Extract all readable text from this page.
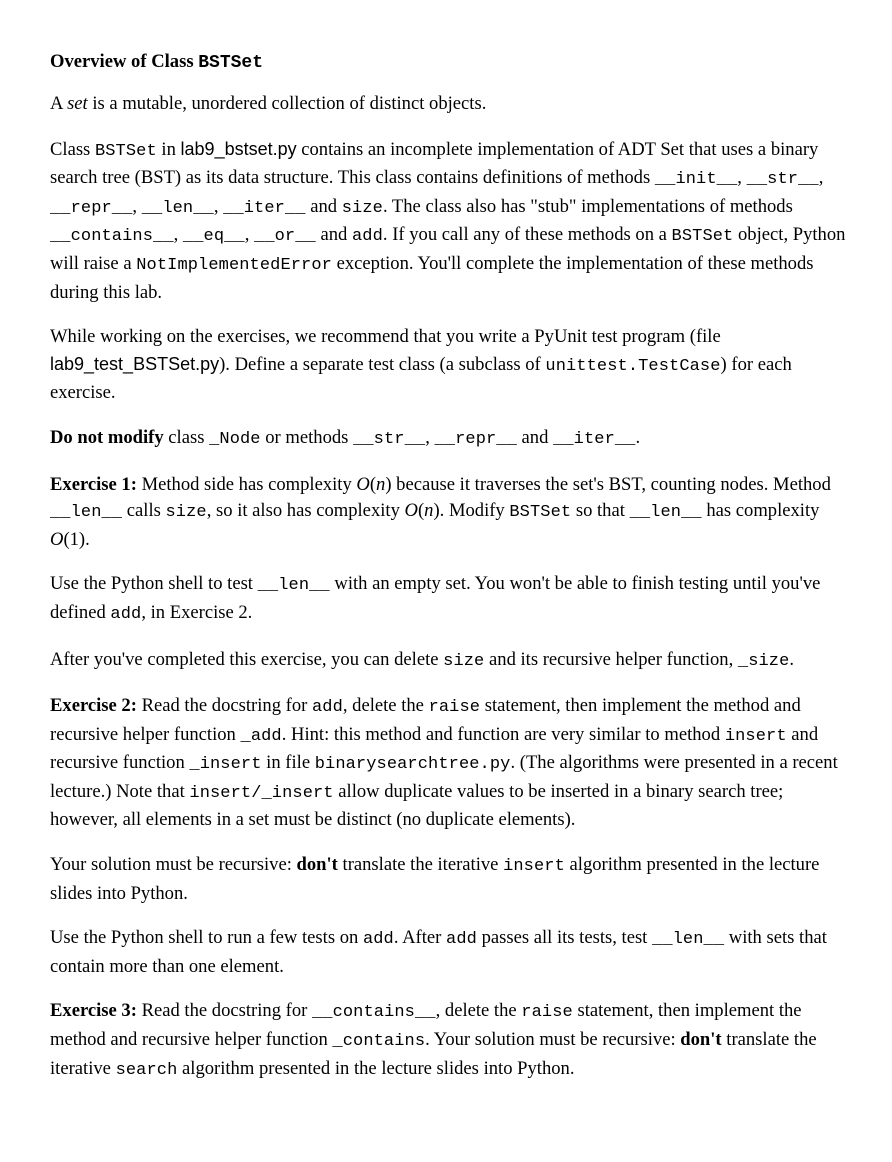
Overview of Class BSTSet

A set is a mutable, unordered collection of distinct objects.

Class BSTSet in lab9_bstset.py contains an incomplete implementation of ADT Set that uses a binary search tree (BST) as its data structure. This class contains definitions of methods __init__, __str__, __repr__, __len__, __iter__ and size. The class also has "stub" implementations of methods __contains__, __eq__, __or__ and add. If you call any of these methods on a BSTSet object, Python will raise a NotImplementedError exception. You'll complete the implementation of these methods during this lab.

While working on the exercises, we recommend that you write a PyUnit test program (file lab9_test_BSTSet.py). Define a separate test class (a subclass of unittest.TestCase) for each exercise.

Do not modify class _Node or methods __str__, __repr__ and __iter__.

Exercise 1: Method side has complexity O(n) because it traverses the set's BST, counting nodes. Method __len__ calls size, so it also has complexity O(n). Modify BSTSet so that __len__ has complexity O(1).

Use the Python shell to test __len__ with an empty set. You won't be able to finish testing until you've defined add, in Exercise 2.

After you've completed this exercise, you can delete size and its recursive helper function, _size.

Exercise 2: Read the docstring for add, delete the raise statement, then implement the method and recursive helper function _add. Hint: this method and function are very similar to method insert and recursive function _insert in file binarysearchtree.py. (The algorithms were presented in a recent lecture.) Note that insert/_insert allow duplicate values to be inserted in a binary search tree; however, all elements in a set must be distinct (no duplicate elements).

Your solution must be recursive: don't translate the iterative insert algorithm presented in the lecture slides into Python.

Use the Python shell to run a few tests on add. After add passes all its tests, test __len__ with sets that contain more than one element.

Exercise 3: Read the docstring for __contains__, delete the raise statement, then implement the method and recursive helper function _contains. Your solution must be recursive: don't translate the iterative search algorithm presented in the lecture slides into Python.
